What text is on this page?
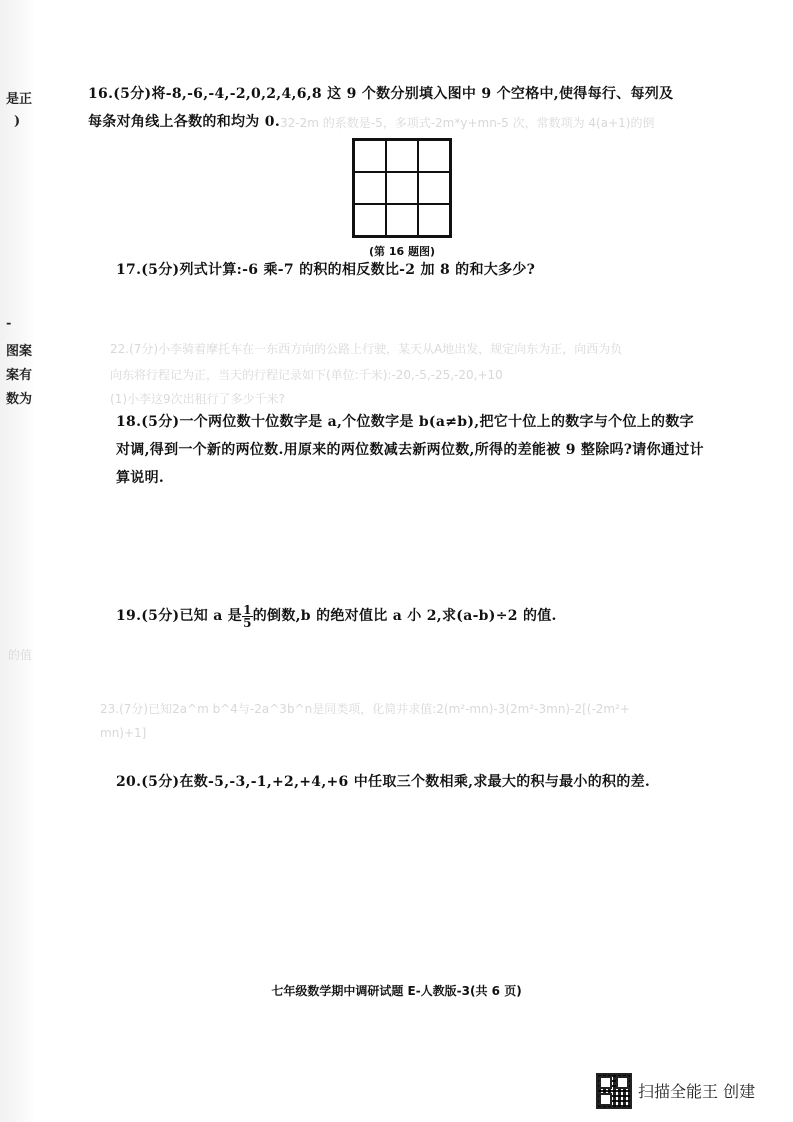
是正
)
-
图案
案有
数为
32-2m 的系数是-5，多项式-2m*y+mn-5 次，常数项为 4(a+1)的倒
22.(7分)小李骑着摩托车在一东西方向的公路上行驶，某天从A地出发，规定向东为正，向西为负
向东将行程记为正，当天的行程记录如下(单位:千米):-20,-5,-25,-20,+10
(1)小李这9次出租行了多少千米?
23.(7分)已知2a^m b^4与-2a^3b^n是同类项，化简并求值:2(m²-mn)-3(2m²-3mn)-2[(-2m²+
mn)+1]
的值
16.(5分)将-8,-6,-4,-2,0,2,4,6,8 这 9 个数分别填入图中 9 个空格中,使得每行、每列及
每条对角线上各数的和均为 0.
(第 16 题图)
17.(5分)列式计算:-6 乘-7 的积的相反数比-2 加 8 的和大多少?
18.(5分)一个两位数十位数字是 a,个位数字是 b(a≠b),把它十位上的数字与个位上的数字
对调,得到一个新的两位数.用原来的两位数减去新两位数,所得的差能被 9 整除吗?请你通过计
算说明.
19.(5分)已知 a 是 $\frac{1}{5}$ 的倒数,b 的绝对值比 a 小 2,求(a-b)÷2 的值.
20.(5分)在数-5,-3,-1,+2,+4,+6 中任取三个数相乘,求最大的积与最小的积的差.
七年级数学期中调研试题 E-人教版-3(共 6 页)
扫描全能王 创建
